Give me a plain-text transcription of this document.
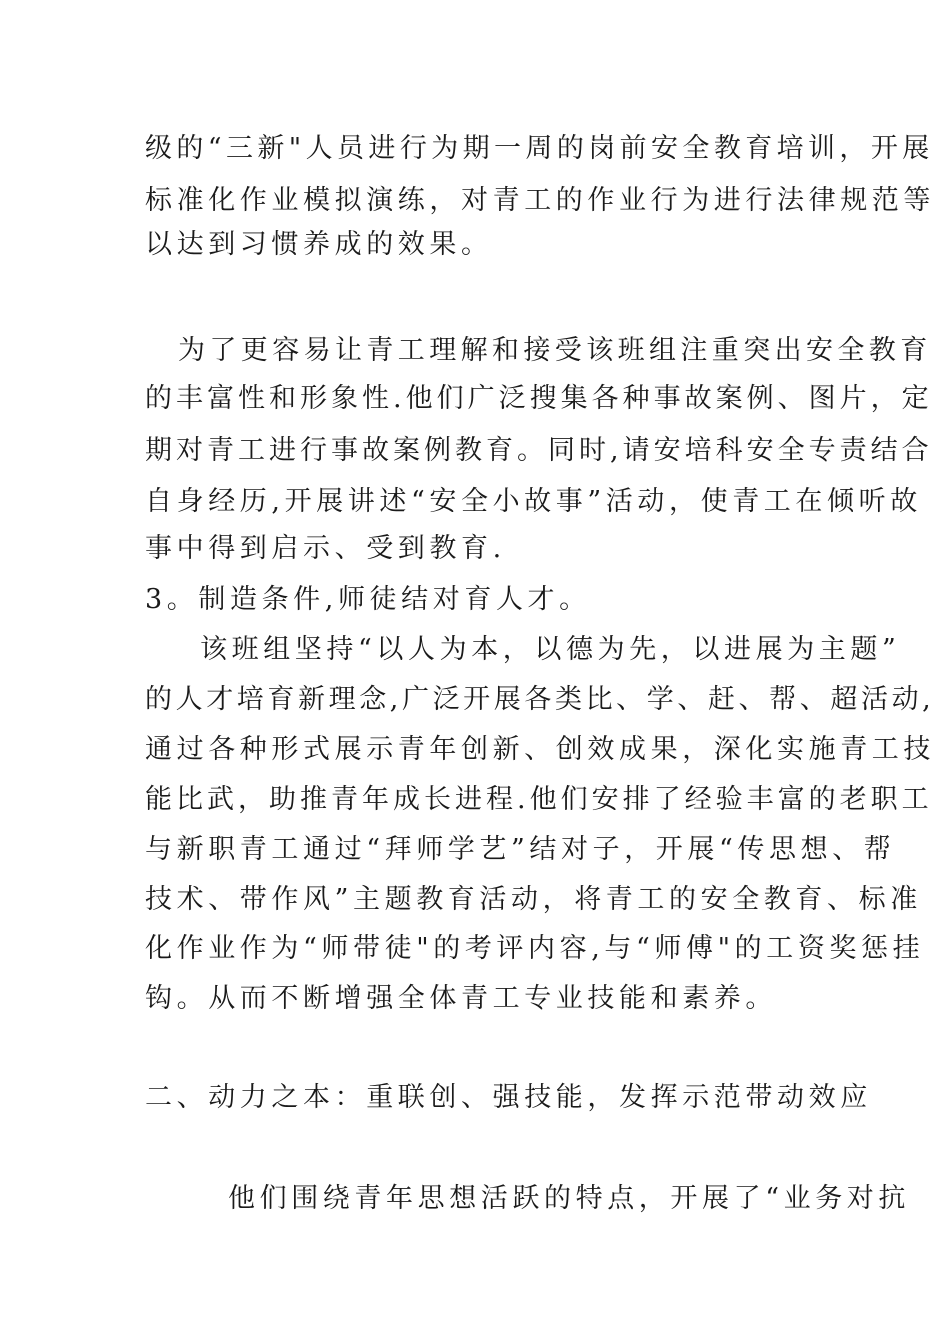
级的“三新"人员进行为期一周的岗前安全教育培训，开展
标准化作业模拟演练，对青工的作业行为进行法律规范等
以达到习惯养成的效果。
为了更容易让青工理解和接受该班组注重突出安全教育
的丰富性和形象性.他们广泛搜集各种事故案例、图片，定
期对青工进行事故案例教育。同时,请安培科安全专责结合
自身经历,开展讲述“安全小故事”活动，使青工在倾听故
事中得到启示、受到教育.
3。制造条件,师徒结对育人才。
该班组坚持“以人为本，以德为先，以进展为主题”
的人才培育新理念,广泛开展各类比、学、赶、帮、超活动,
通过各种形式展示青年创新、创效成果，深化实施青工技
能比武，助推青年成长进程.他们安排了经验丰富的老职工
与新职青工通过“拜师学艺”结对子，开展“传思想、帮
技术、带作风”主题教育活动，将青工的安全教育、标准
化作业作为“师带徒"的考评内容,与“师傅"的工资奖惩挂
钩。从而不断增强全体青工专业技能和素养。
二、动力之本：重联创、强技能，发挥示范带动效应
他们围绕青年思想活跃的特点，开展了“业务对抗
